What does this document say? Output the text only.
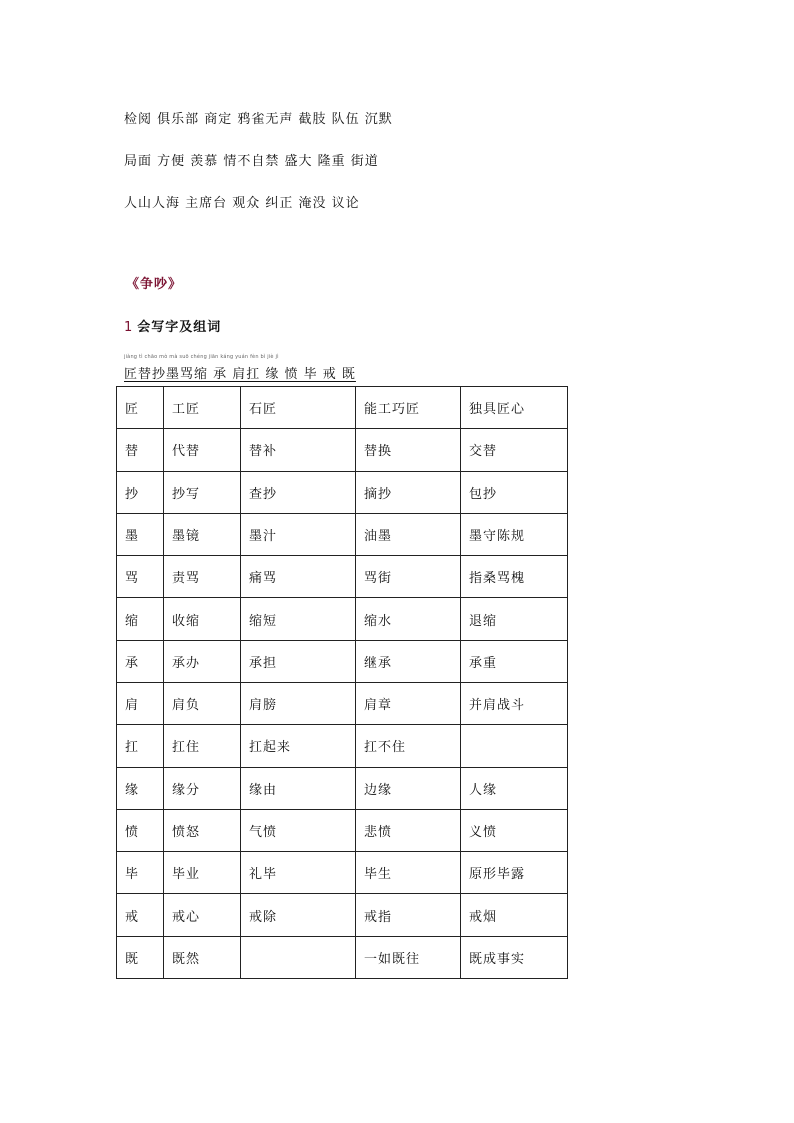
检阅 俱乐部 商定 鸦雀无声 截肢 队伍 沉默
局面 方便 羡慕 情不自禁 盛大 隆重 街道
人山人海 主席台 观众 纠正 淹没 议论
《争吵》
1 会写字及组词
jiàng tì chāo mò mà suō chéng jiān káng yuán fèn bì jiè jì
匠替抄墨骂缩 承 肩扛 缘 愤 毕 戒 既
匠	工匠	石匠	能工巧匠	独具匠心
替	代替	替补	替换	交替
抄	抄写	查抄	摘抄	包抄
墨	墨镜	墨汁	油墨	墨守陈规
骂	责骂	痛骂	骂街	指桑骂槐
缩	收缩	缩短	缩水	退缩
承	承办	承担	继承	承重
肩	肩负	肩膀	肩章	并肩战斗
扛	扛住	扛起来	扛不住	
缘	缘分	缘由	边缘	人缘
愤	愤怒	气愤	悲愤	义愤
毕	毕业	礼毕	毕生	原形毕露
戒	戒心	戒除	戒指	戒烟
既	既然		一如既往	既成事实
